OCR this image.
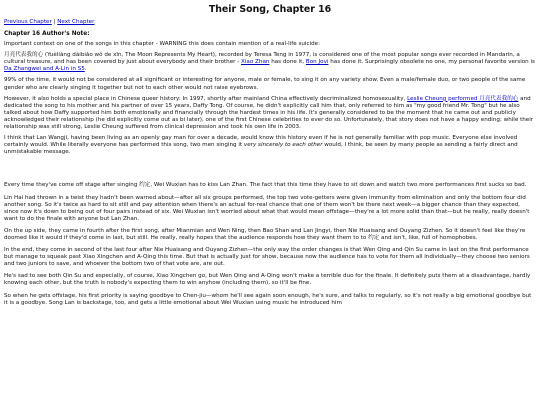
Their Song, Chapter 16
Previous Chapter | Next Chapter
Chapter 16 Author's Note:

Important context on one of the songs in this chapter - WARNING this does contain mention of a real-life suicide:

月亮代表我的心 (Yuèliàng dàibiǎo wǒ de xīn, The Moon Represents My Heart), recorded by Teresa Teng in 1977, is considered one of the most popular songs ever recorded in Mandarin, a cultural treasure, and has been covered by just about everybody and their brother - Xiao Zhan has done it, Bon Jovi has done it. Surprisingly obsolete no one, my personal favorite version is Da Zhangwei and A-Lin in S5.

99% of the time, it would not be considered at all significant or interesting for anyone, male or female, to sing it on any variety show. Even a male/female duo, or two people of the same gender who are clearly singing it together but not to each other would not raise eyebrows.

However, it also holds a special place in Chinese queer history: In 1997, shortly after mainland China effectively decriminalized homosexuality, Leslie Cheung performed 月亮代表我的心 and dedicated the song to his mother and his partner of over 15 years, Daffy Tong. Of course, he didn't explicitly call him that, only referred to him as "my good friend Mr. Tong" but he also talked about how Daffy supported him both emotionally and financially through the hardest times in his life. It's generally considered to be the moment that he came out and publicly acknowledged their relationship (he did explicitly come out as bi later), one of the first Chinese celebrities to ever do so. Unfortunately, that story does not have a happy ending; while their relationship was still strong, Leslie Cheung suffered from clinical depression and took his own life in 2003.

I think that Lan Wangji, having been living as an openly gay man for over a decade, would know this history even if he is not generally familiar with pop music. Everyone else involved certainly would. While literally everyone has performed this song, two men singing it very sincerely to each other would, I think, be seen by many people as sending a fairly direct and unmistakable message.

Every time they've come off stage after singing 约定, Wei Wuxian has to kiss Lan Zhan. The fact that this time they have to sit down and watch two more performances first sucks so bad.

Lin Hai had thrown in a twist they hadn't been warned about—after all six groups performed, the top two vote-getters were given immunity from elimination and only the bottom four did another song. So it's twice as hard to sit still and pay attention when there's an actual for-real chance that one of them won't be there next week—a bigger chance than they expected, since now it's down to being out of four pairs instead of six. Wei Wuxian isn't worried about what that would mean offstage—they're a lot more solid than that—but he really, really doesn't want to do the finale with anyone but Lan Zhan.

On the up side, they came in fourth after the first song, after Mianmian and Wen Ning, then Bao Shan and Lan Jingyi, then Nie Huaisang and Ouyang Zizhen. So it doesn't feel like they're doomed like it would if they'd come in last, but still. He really, really hopes that the audience responds how they want them to to 约定 and isn't, like, full of homophobes.

In the end, they come in second of the last four after Nie Huaisang and Ouyang Zizhen—the only way the order changes is that Wen Qing and Qin Su came in last on the first performance but manage to squeak past Xiao Xingchen and A-Qing this time. But that is actually just for show, because now the audience has to vote for them all individually—they choose two seniors and two juniors to save, and whoever the bottom two of that vote are, are out.

He's sad to see both Qin Su and especially, of course, Xiao Xingchen go, but Wen Qing and A-Qing won't make a terrible duo for the finale. It definitely puts them at a disadvantage, hardly knowing each other, but the truth is nobody's expecting them to win anyhow (including them), so it'll be fine.

So when he gets offstage, his first priority is saying goodbye to Chen-jiu—whom he'll see again soon enough, he's sure, and talks to regularly, so it's not really a big emotional goodbye but it is a goodbye. Song Lan is backstage, too, and gets a little emotional about Wei Wuxian using music he introduced him
